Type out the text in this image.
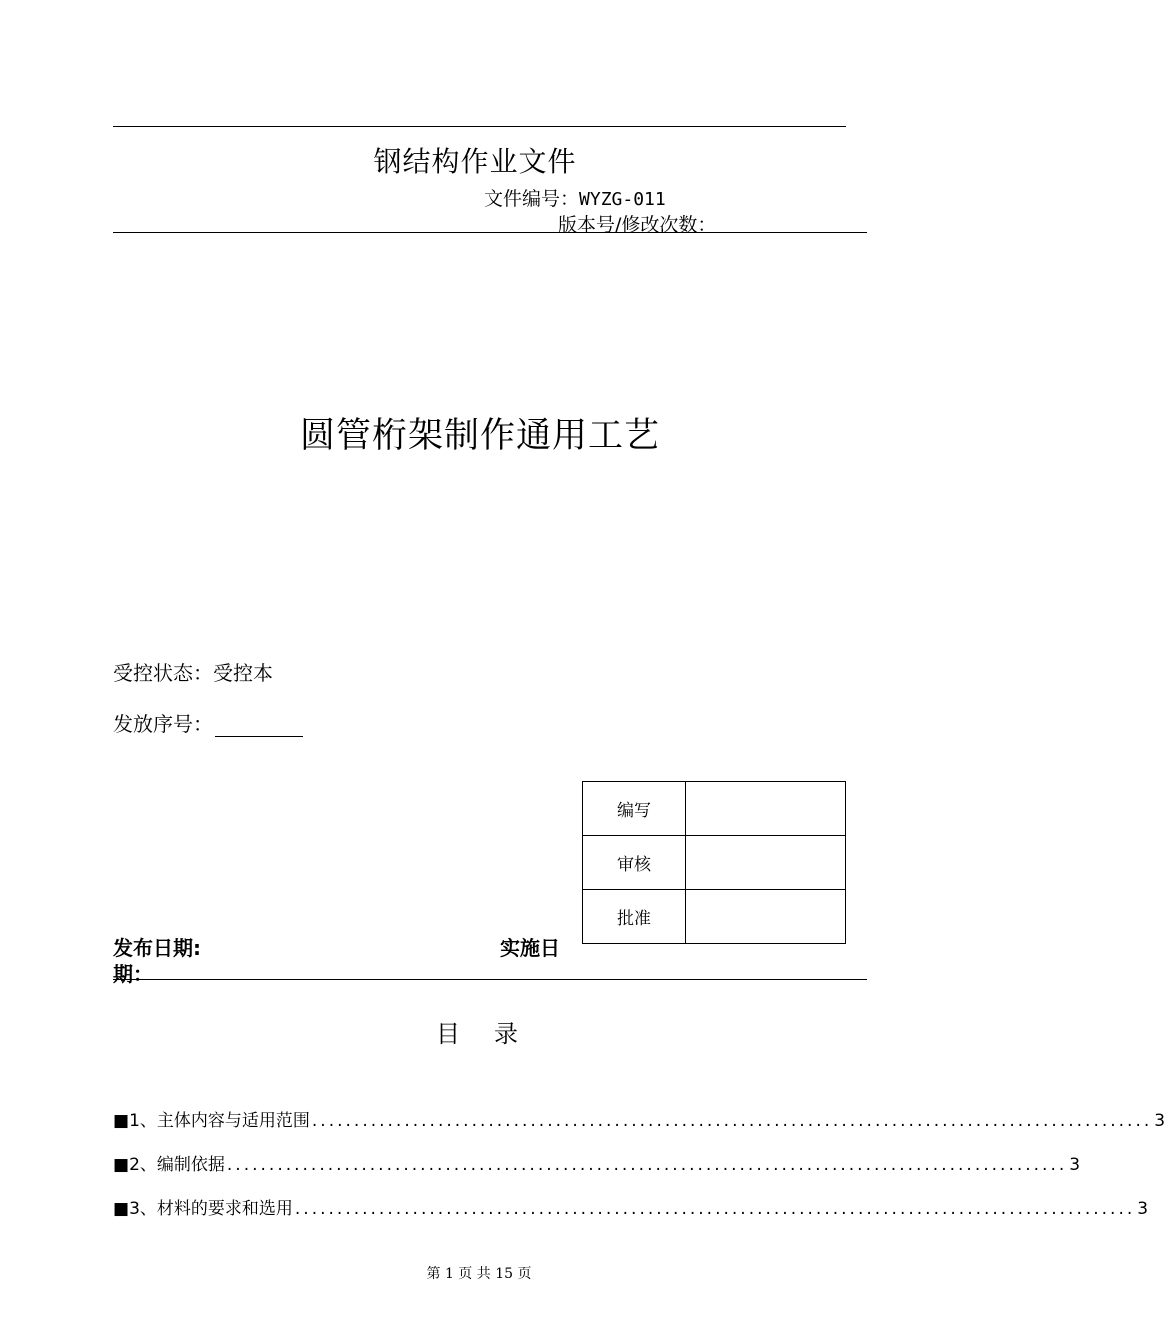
钢结构作业文件
文件编号：WYZG-011
版本号/修改次数：
圆管桁架制作通用工艺
受控状态：受控本
发放序号：
编写	
审核	
批准	
发布日期:	实施日
期：
目录
■ 1、主体内容与适用范围 .................................................................................................... 3
■ 2、编制依据 .................................................................................................... 3
■ 3、材料的要求和选用 .................................................................................................... 3
第 1 页 共 15 页
